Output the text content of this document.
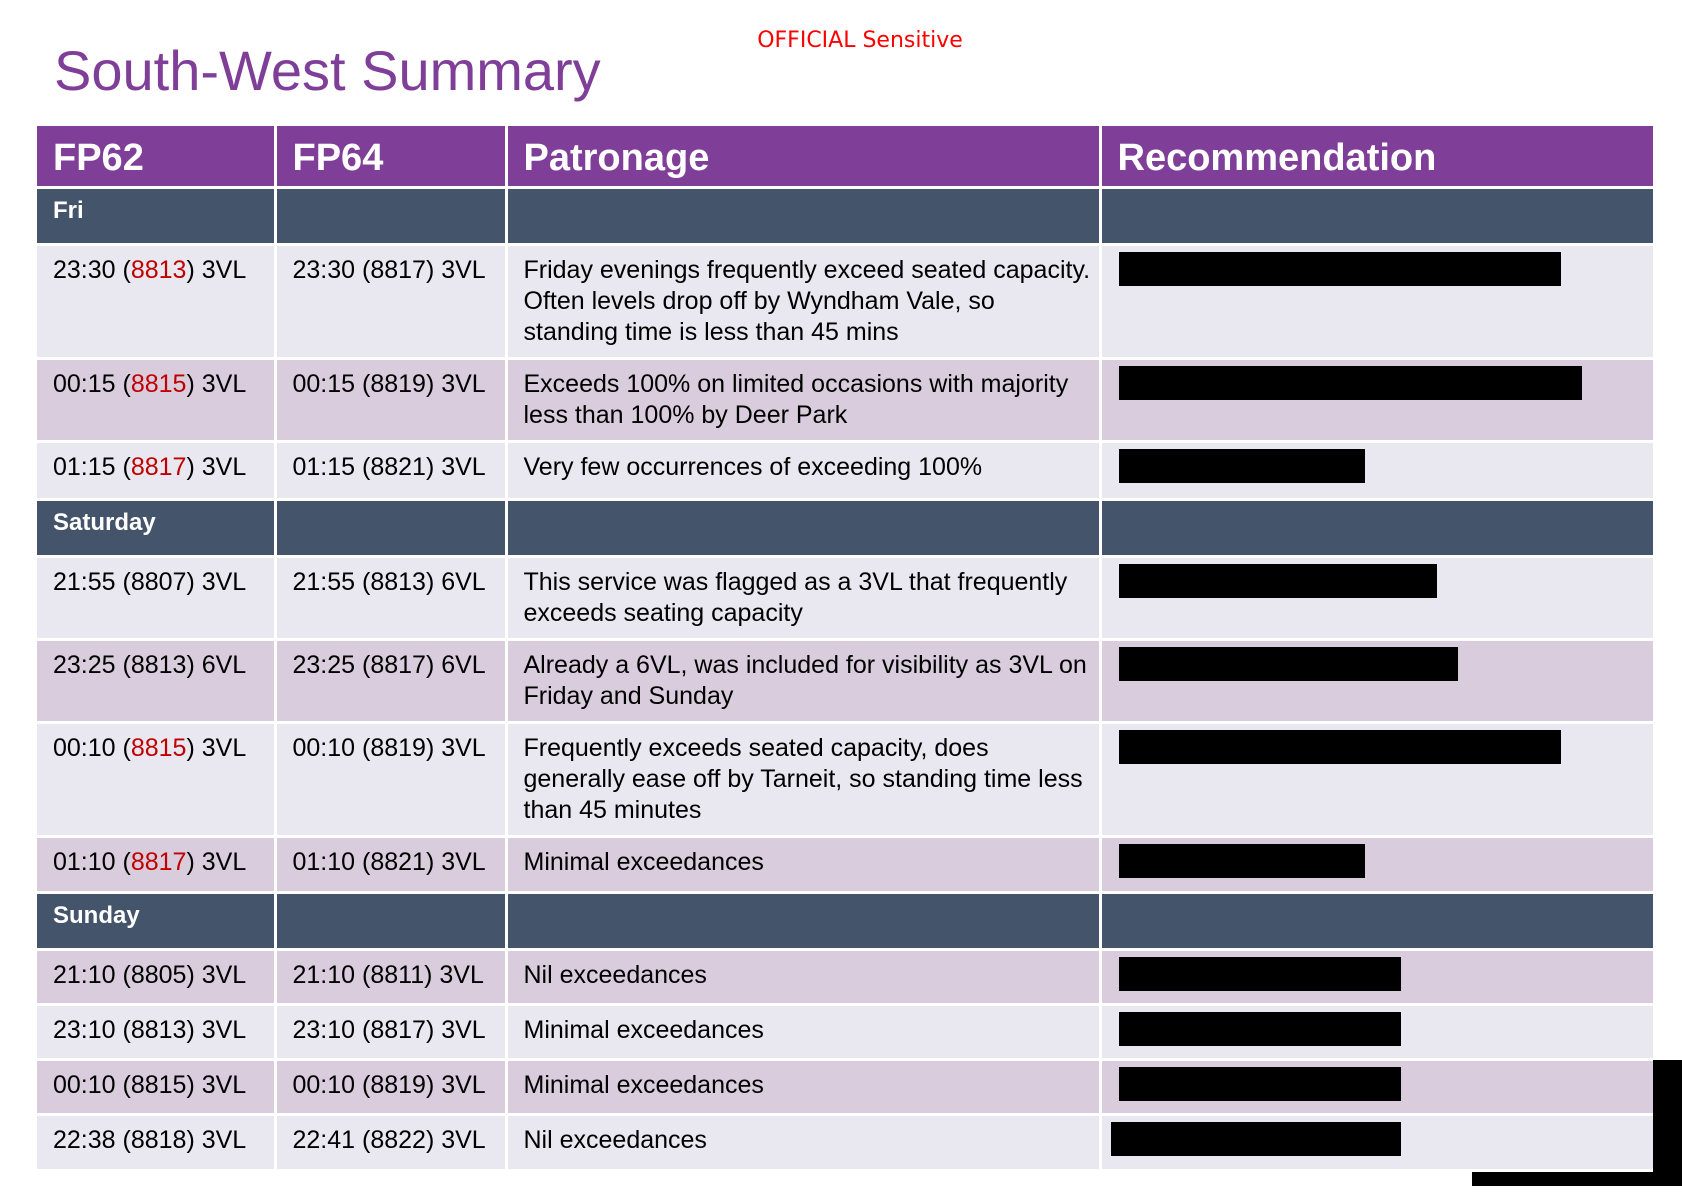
OFFICIAL Sensitive
South-West Summary
FP62	FP64	Patronage	Recommendation

Fri			

23:30 (8813) 3VL	23:30 (8817) 3VL	Friday evenings frequently exceed seated capacity. Often levels drop off by Wyndham Vale, so standing time is less than 45 mins	

00:15 (8815) 3VL	00:15 (8819) 3VL	Exceeds 100% on limited occasions with majority less than 100% by Deer Park	

01:15 (8817) 3VL	01:15 (8821) 3VL	Very few occurrences of exceeding 100%	

Saturday			

21:55 (8807) 3VL	21:55 (8813) 6VL	This service was flagged as a 3VL that frequently exceeds seating capacity	

23:25 (8813) 6VL	23:25 (8817) 6VL	Already a 6VL, was included for visibility as 3VL on Friday and Sunday	

00:10 (8815) 3VL	00:10 (8819) 3VL	Frequently exceeds seated capacity, does generally ease off by Tarneit, so standing time less than 45 minutes	

01:10 (8817) 3VL	01:10 (8821) 3VL	Minimal exceedances	

Sunday			

21:10 (8805) 3VL	21:10 (8811) 3VL	Nil exceedances	

23:10 (8813) 3VL	23:10 (8817) 3VL	Minimal exceedances	

00:10 (8815) 3VL	00:10 (8819) 3VL	Minimal exceedances	

22:38 (8818) 3VL	22:41 (8822) 3VL	Nil exceedances	
